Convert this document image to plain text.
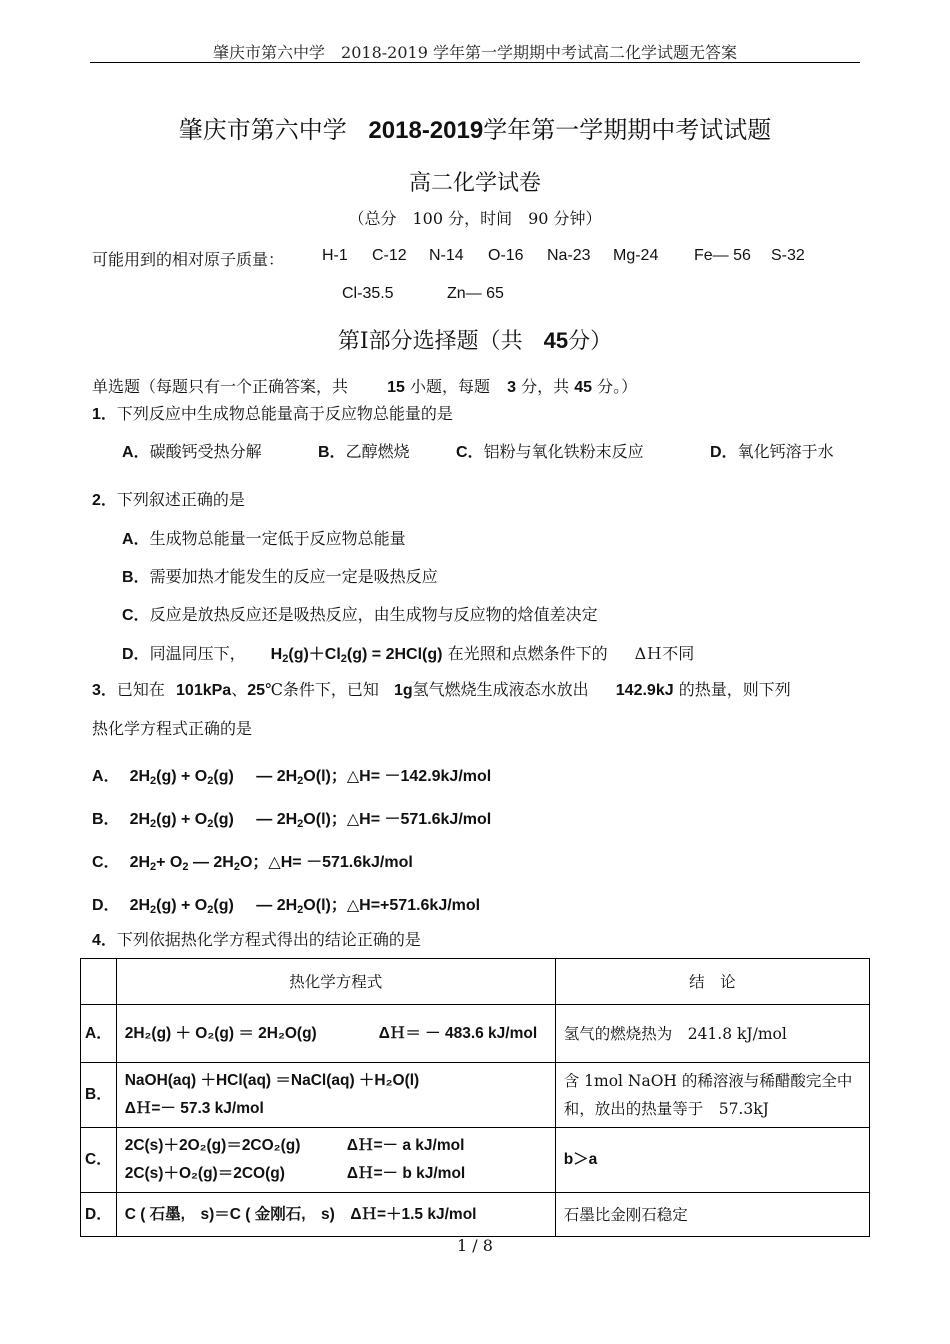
肇庆市第六中学　2018-2019 学年第一学期期中考试高二化学试题无答案
肇庆市第六中学 2018-2019学年第一学期期中考试试题
高二化学试卷
（总分　100 分，时间　90 分钟）
可能用到的相对原子质量： H-1 C-12 N-14 O-16 Na-23 Mg-24 Fe— 56 S-32
Cl-35.5	Zn— 65
第Ⅰ部分选择题（共 45分）
单选题（每题只有一个正确答案，共 15 小题，每题 3 分，共 45 分。）
1．下列反应中生成物总能量高于反应物总能量的是
A．碳酸钙受热分解	B．乙醇燃烧	C．铝粉与氧化铁粉末反应	D．氧化钙溶于水
2．下列叙述正确的是
A．生成物总能量一定低于反应物总能量
B．需要加热才能发生的反应一定是吸热反应
C．反应是放热反应还是吸热反应，由生成物与反应物的焓值差决定
D．同温同压下， $H_2(g)+Cl_2(g) = 2HCl(g)$ 在光照和点燃条件下的 ΔＨ不同
3．已知在 101kPa、25℃条件下，已知 1g氢气燃烧生成液态水放出 142.9kJ 的热量，则下列
热化学方程式正确的是
A． $2H_2(g) + O_2(g)$ — $2H_2O(l)$；△H= －142.9kJ/mol
B． $2H_2(g) + O_2(g)$ — $2H_2O(l)$；△H= －571.6kJ/mol
C． $2H_2+ O_2$ — $2H_2O$；△H= －571.6kJ/mol
D． $2H_2(g) + O_2(g)$ — $2H_2O(l)$；△H=+571.6kJ/mol
4．下列依据热化学方程式得出的结论正确的是
	热化学方程式	结　论
A．	2H₂(g) ＋ O₂(g) ＝ 2H₂O(g)　　　　ΔＨ＝ － 483.6 kJ/mol	氢气的燃烧热为　241.8 kJ/mol
B．	NaOH(aq) ＋HCl(aq) ＝NaCl(aq) ＋H₂O(l)
ΔＨ=－ 57.3 kJ/mol	含 1mol NaOH 的稀溶液与稀醋酸完全中和，放出的热量等于　57.3kJ
C．	2C(s)＋2O₂(g)＝2CO₂(g)　　　ΔＨ=－ a kJ/mol
2C(s)＋O₂(g)＝2CO(g)　　　　ΔＨ=－ b kJ/mol	b＞a
D．	C ( 石墨,　s)＝C ( 金刚石,　s)　ΔＨ=＋1.5 kJ/mol	石墨比金刚石稳定
1 / 8
